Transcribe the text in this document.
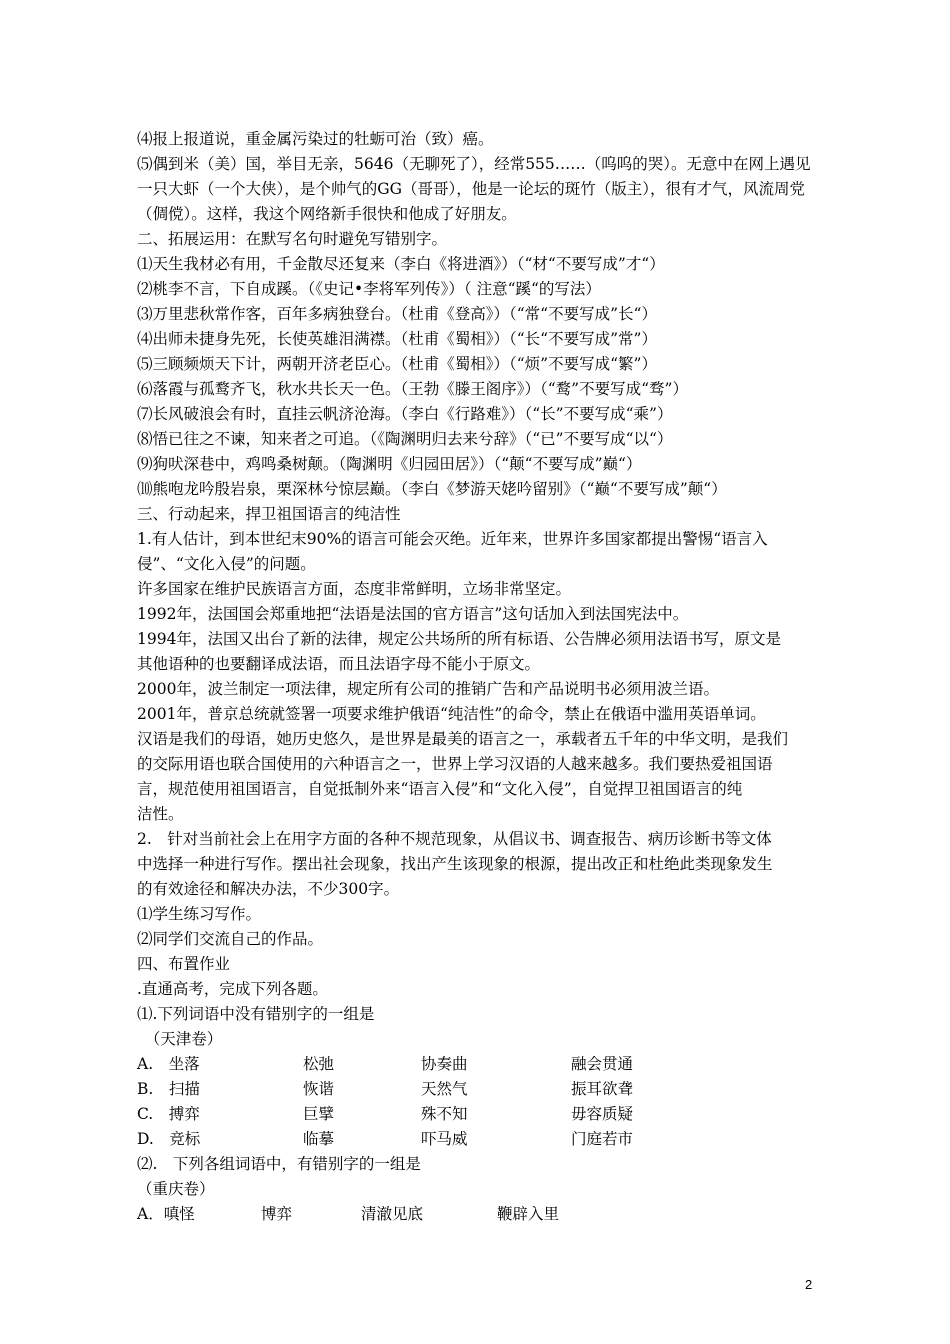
⑷报上报道说，重金属污染过的牡蛎可治（致）癌。
⑸偶到米（美）国，举目无亲，5646（无聊死了），经常555……（呜呜的哭）。无意中在网上遇见
一只大虾（一个大侠），是个帅气的GG（哥哥），他是一论坛的斑竹（版主），很有才气，风流周党
（倜傥）。这样，我这个网络新手很快和他成了好朋友。
二、拓展运用：在默写名句时避免写错别字。
⑴天生我材必有用，千金散尽还复来（李白《将进酒》）（“材“不要写成”才“）
⑵桃李不言，下自成蹊。（《史记•李将军列传》）（ 注意“蹊“的写法）
⑶万里悲秋常作客，百年多病独登台。（杜甫《登高》）（“常“不要写成”长“）
⑷出师未捷身先死，长使英雄泪满襟。（杜甫《蜀相》）（“长“不要写成”常”）
⑸三顾频烦天下计，两朝开济老臣心。（杜甫《蜀相》）（“烦”不要写成“繁”）
⑹落霞与孤鹜齐飞，秋水共长天一色。（王勃《滕王阁序》）（“鹜”不要写成“骛”）
⑺长风破浪会有时，直挂云帆济沧海。（李白《行路难》）（“长”不要写成“乘”）
⑻悟已往之不谏，知来者之可追。（《陶渊明归去来兮辞》（“已”不要写成“以“）
⑼狗吠深巷中，鸡鸣桑树颠。（陶渊明《归园田居》）（“颠“不要写成”巅“）
⑽熊咆龙吟殷岩泉，栗深林兮惊层巅。（李白《梦游天姥吟留别》（“巅“不要写成”颠“）
三、行动起来，捍卫祖国语言的纯洁性
1.有人估计，到本世纪末90%的语言可能会灭绝。近年来，世界许多国家都提出警惕“语言入
侵”、“文化入侵”的问题。
许多国家在维护民族语言方面，态度非常鲜明，立场非常坚定。
1992年，法国国会郑重地把“法语是法国的官方语言”这句话加入到法国宪法中。
1994年，法国又出台了新的法律，规定公共场所的所有标语、公告牌必须用法语书写，原文是
其他语种的也要翻译成法语，而且法语字母不能小于原文。
2000年，波兰制定一项法律，规定所有公司的推销广告和产品说明书必须用波兰语。
2001年，普京总统就签署一项要求维护俄语“纯洁性”的命令，禁止在俄语中滥用英语单词。
汉语是我们的母语，她历史悠久，是世界是最美的语言之一，承载者五千年的中华文明，是我们
的交际用语也联合国使用的六种语言之一，世界上学习汉语的人越来越多。我们要热爱祖国语
言，规范使用祖国语言，自觉抵制外来“语言入侵”和“文化入侵”，自觉捍卫祖国语言的纯
洁性。
2.　针对当前社会上在用字方面的各种不规范现象，从倡议书、调查报告、病历诊断书等文体
中选择一种进行写作。摆出社会现象，找出产生该现象的根源，提出改正和杜绝此类现象发生
的有效途径和解决办法，不少300字。
⑴学生练习写作。
⑵同学们交流自己的作品。
四、布置作业
.直通高考，完成下列各题。
⑴.下列词语中没有错别字的一组是
　（天津卷）
A.　坐落	松弛	协奏曲	融会贯通
B.　扫描	恢谐	天然气	振耳欲聋
C.　搏弈	巨擘	殊不知	毋容质疑
D.　竞标	临摹	吓马威	门庭若市
⑵.　下列各组词语中，有错别字的一组是
（重庆卷）
A．嗔怪	博弈	清澈见底	鞭辟入里
2
